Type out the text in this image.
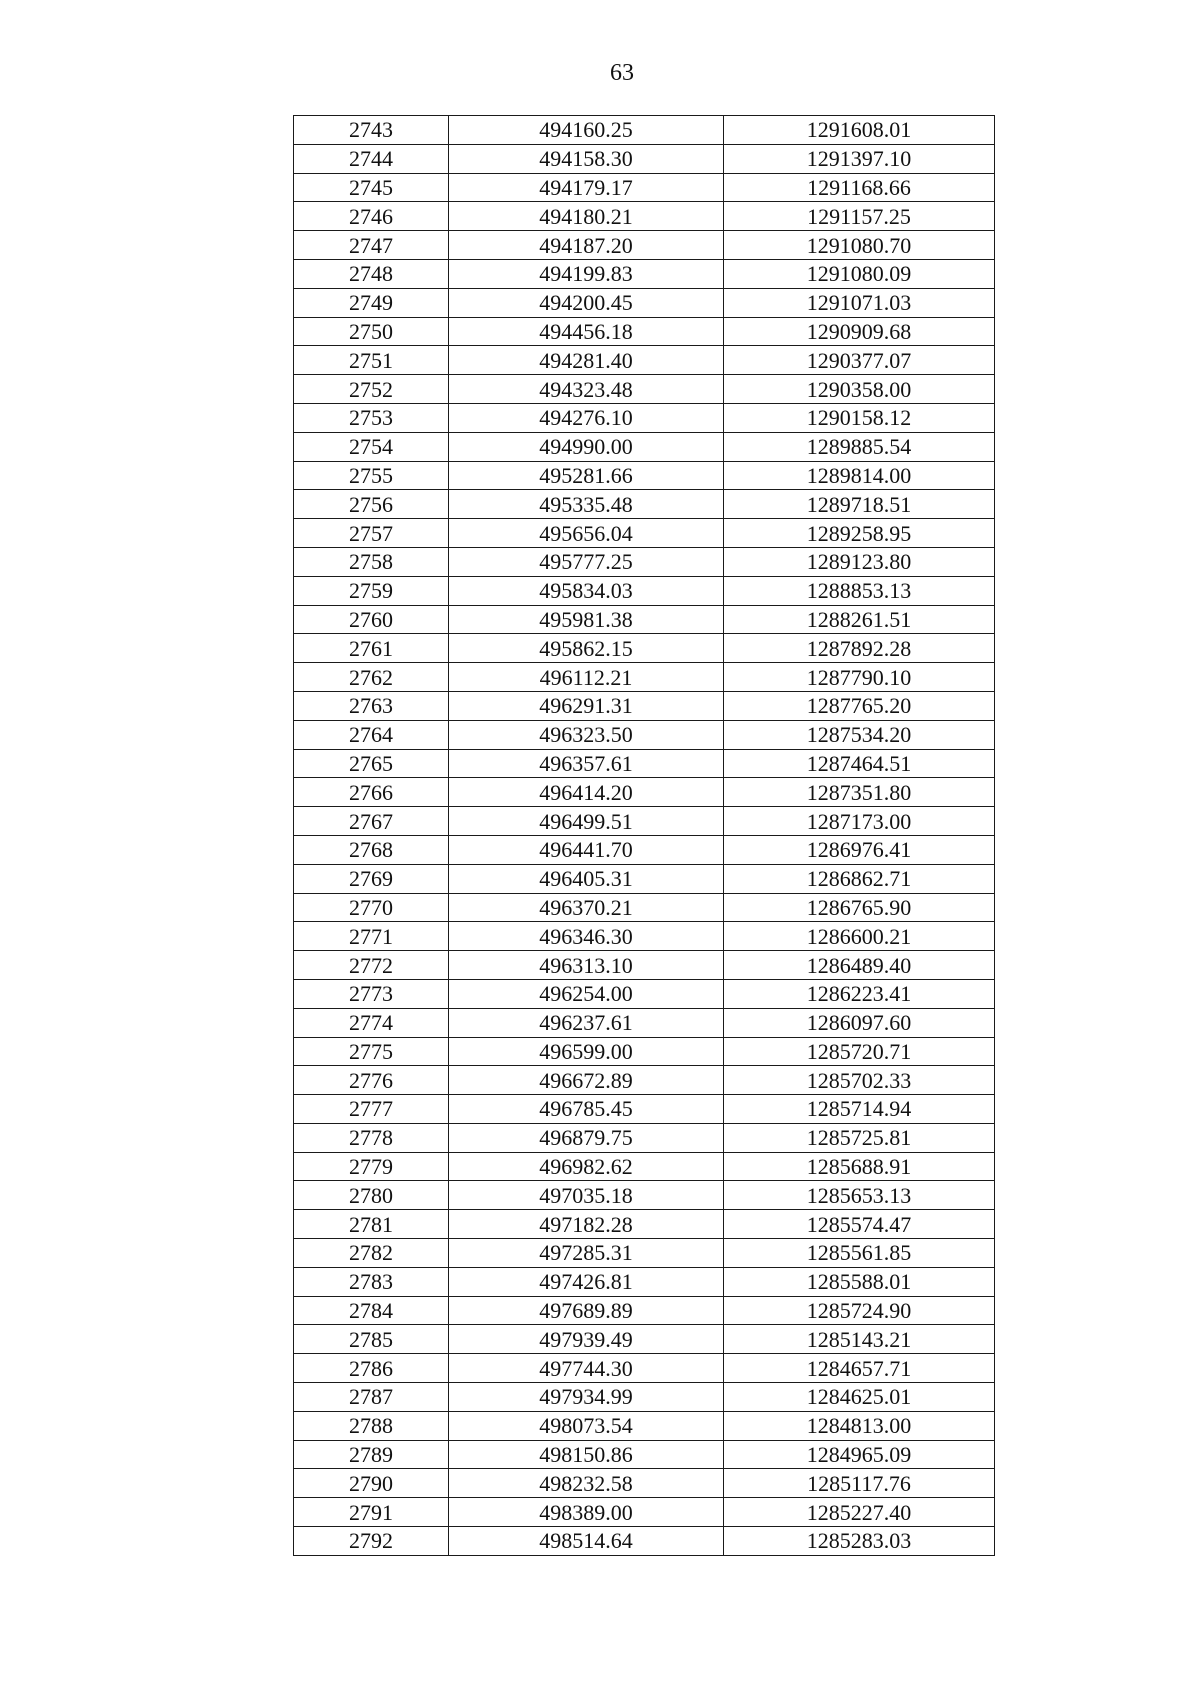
63
2743	494160.25	1291608.01
2744	494158.30	1291397.10
2745	494179.17	1291168.66
2746	494180.21	1291157.25
2747	494187.20	1291080.70
2748	494199.83	1291080.09
2749	494200.45	1291071.03
2750	494456.18	1290909.68
2751	494281.40	1290377.07
2752	494323.48	1290358.00
2753	494276.10	1290158.12
2754	494990.00	1289885.54
2755	495281.66	1289814.00
2756	495335.48	1289718.51
2757	495656.04	1289258.95
2758	495777.25	1289123.80
2759	495834.03	1288853.13
2760	495981.38	1288261.51
2761	495862.15	1287892.28
2762	496112.21	1287790.10
2763	496291.31	1287765.20
2764	496323.50	1287534.20
2765	496357.61	1287464.51
2766	496414.20	1287351.80
2767	496499.51	1287173.00
2768	496441.70	1286976.41
2769	496405.31	1286862.71
2770	496370.21	1286765.90
2771	496346.30	1286600.21
2772	496313.10	1286489.40
2773	496254.00	1286223.41
2774	496237.61	1286097.60
2775	496599.00	1285720.71
2776	496672.89	1285702.33
2777	496785.45	1285714.94
2778	496879.75	1285725.81
2779	496982.62	1285688.91
2780	497035.18	1285653.13
2781	497182.28	1285574.47
2782	497285.31	1285561.85
2783	497426.81	1285588.01
2784	497689.89	1285724.90
2785	497939.49	1285143.21
2786	497744.30	1284657.71
2787	497934.99	1284625.01
2788	498073.54	1284813.00
2789	498150.86	1284965.09
2790	498232.58	1285117.76
2791	498389.00	1285227.40
2792	498514.64	1285283.03
